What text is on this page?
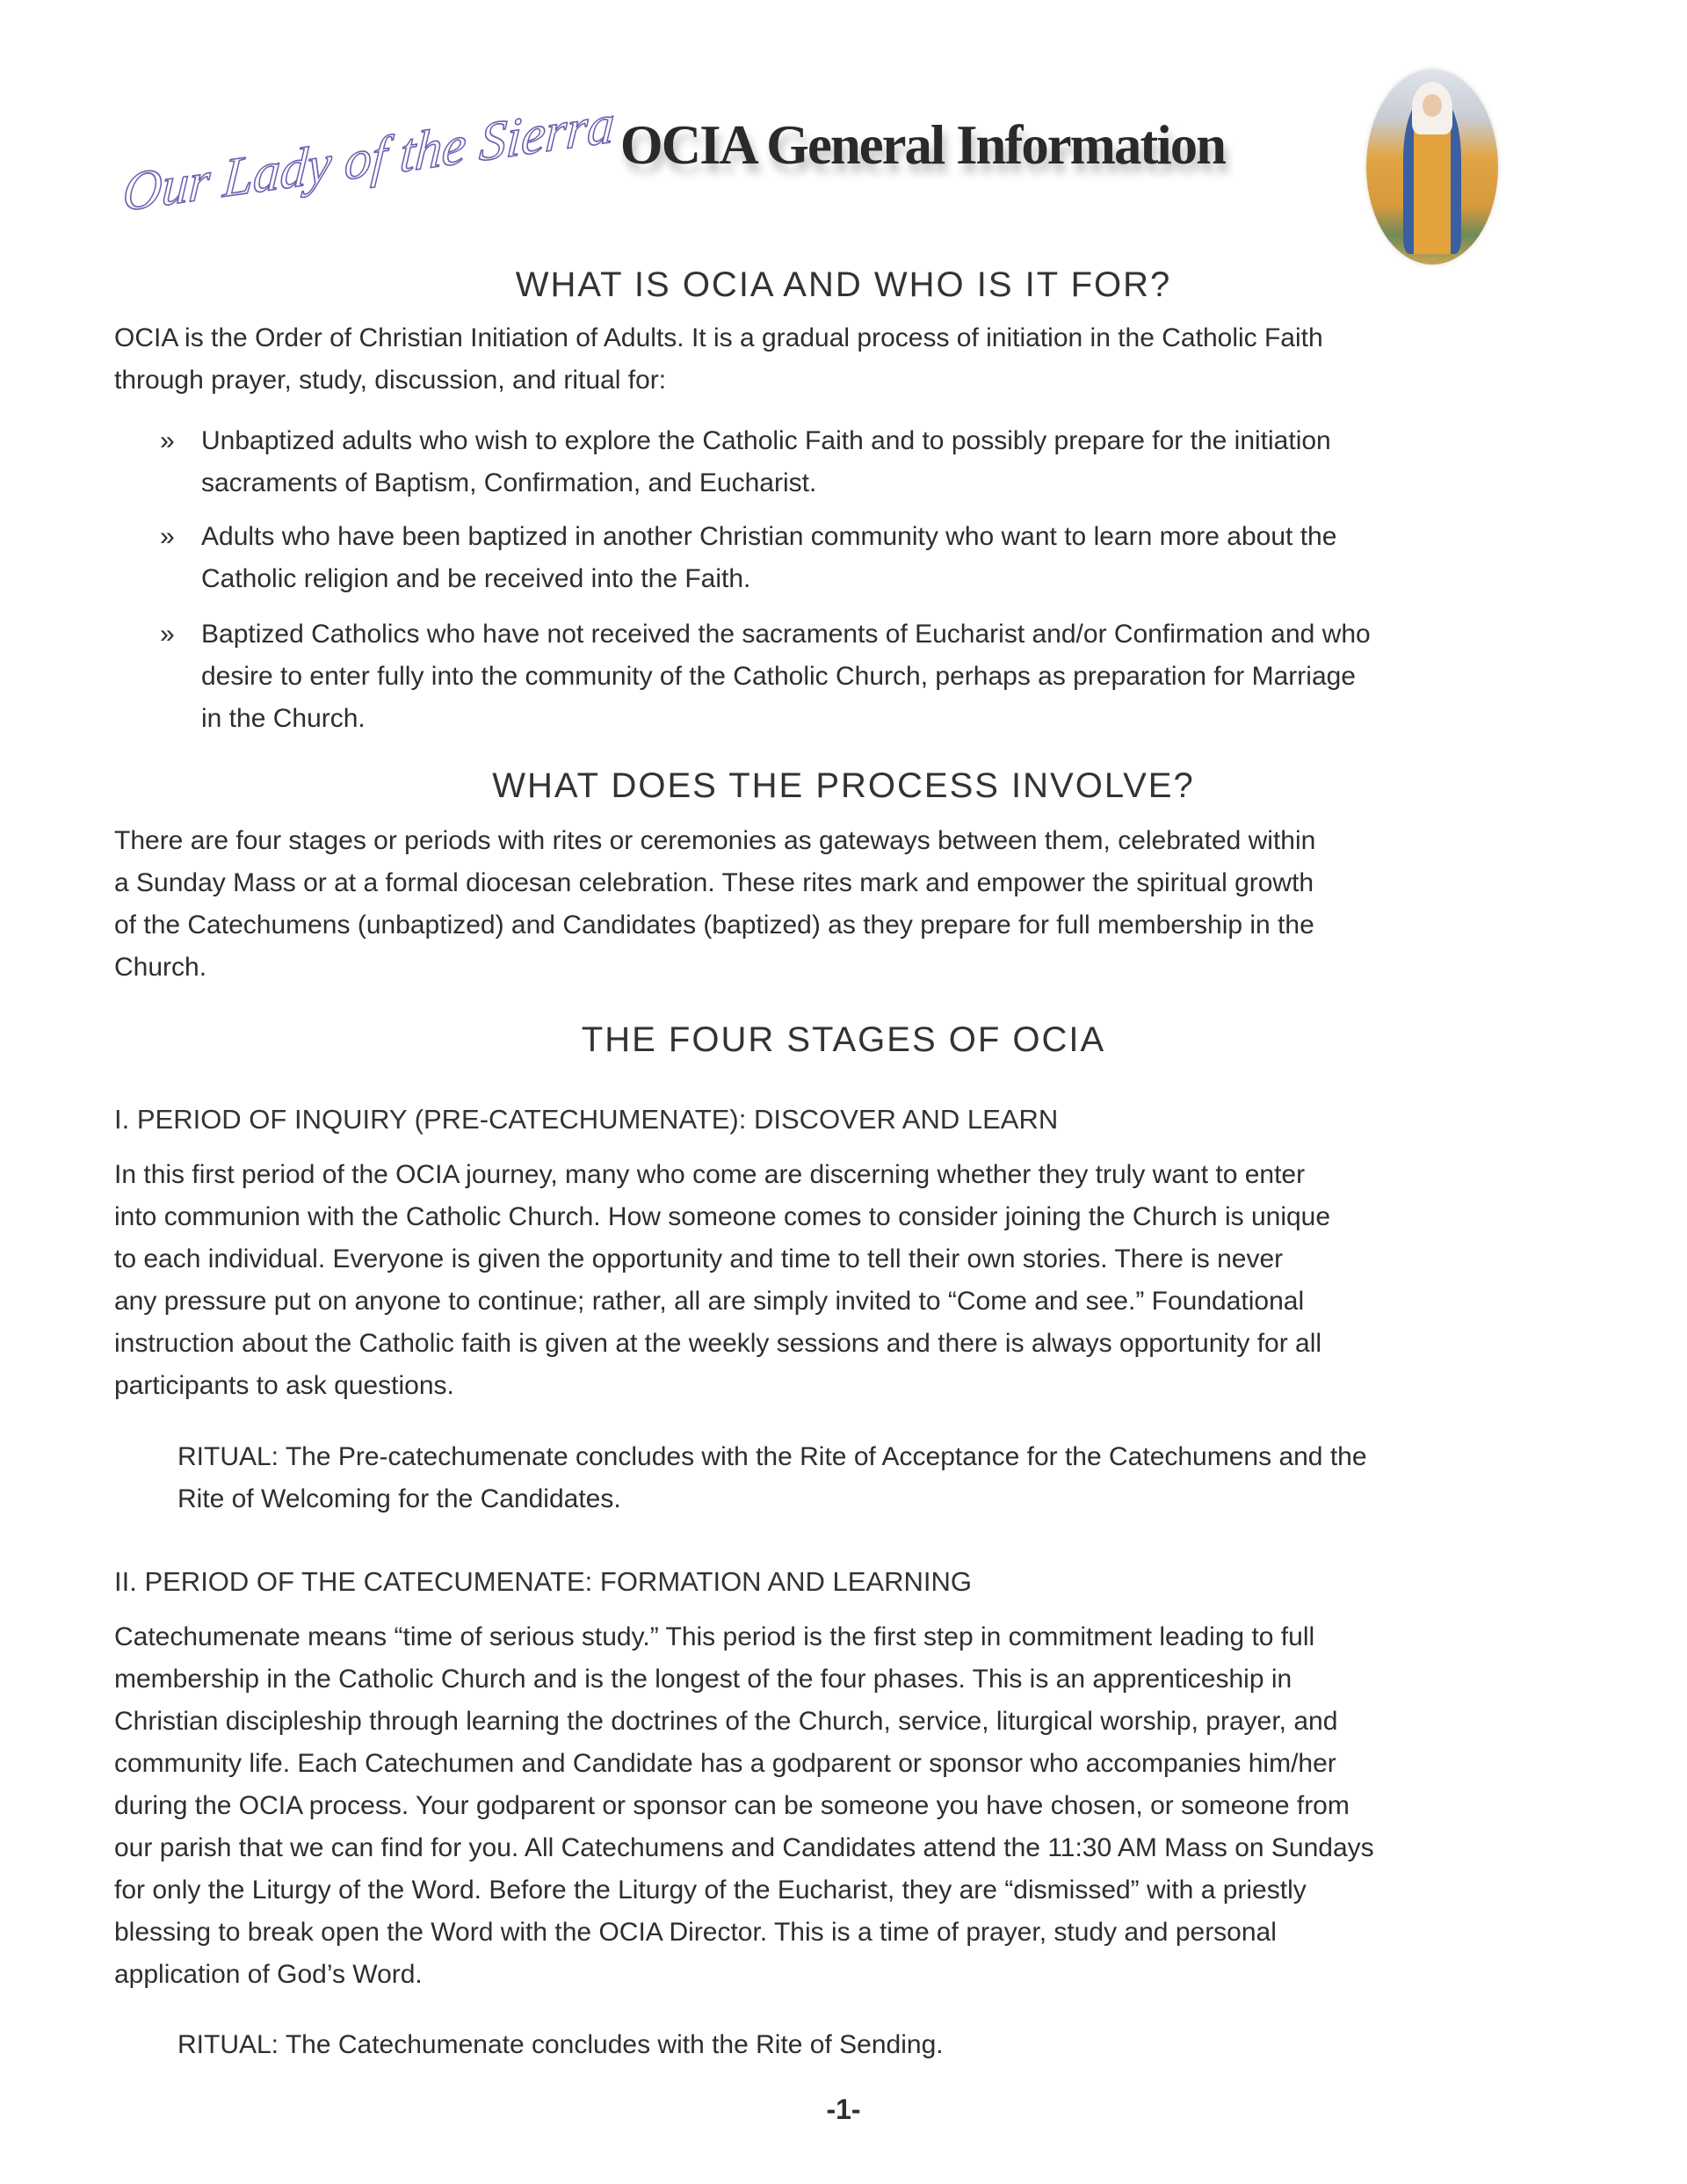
Our Lady of the Sierra OCIA General Information
WHAT IS OCIA AND WHO IS IT FOR?
OCIA is the Order of Christian Initiation of Adults. It is a gradual process of initiation in the Catholic Faith
through prayer, study, discussion, and ritual for:
» Unbaptized adults who wish to explore the Catholic Faith and to possibly prepare for the initiation
sacraments of Baptism, Confirmation, and Eucharist.
» Adults who have been baptized in another Christian community who want to learn more about the
Catholic religion and be received into the Faith.
» Baptized Catholics who have not received the sacraments of Eucharist and/or Confirmation and who
desire to enter fully into the community of the Catholic Church, perhaps as preparation for Marriage
in the Church.
WHAT DOES THE PROCESS INVOLVE?
There are four stages or periods with rites or ceremonies as gateways between them, celebrated within
a Sunday Mass or at a formal diocesan celebration. These rites mark and empower the spiritual growth
of the Catechumens (unbaptized) and Candidates (baptized) as they prepare for full membership in the
Church.
THE FOUR STAGES OF OCIA
I. PERIOD OF INQUIRY (PRE-CATECHUMENATE): DISCOVER AND LEARN
In this first period of the OCIA journey, many who come are discerning whether they truly want to enter
into communion with the Catholic Church. How someone comes to consider joining the Church is unique
to each individual. Everyone is given the opportunity and time to tell their own stories. There is never
any pressure put on anyone to continue; rather, all are simply invited to “Come and see.” Foundational
instruction about the Catholic faith is given at the weekly sessions and there is always opportunity for all
participants to ask questions.
RITUAL: The Pre-catechumenate concludes with the Rite of Acceptance for the Catechumens and the
Rite of Welcoming for the Candidates.
II. PERIOD OF THE CATECUMENATE: FORMATION AND LEARNING
Catechumenate means “time of serious study.” This period is the first step in commitment leading to full
membership in the Catholic Church and is the longest of the four phases. This is an apprenticeship in
Christian discipleship through learning the doctrines of the Church, service, liturgical worship, prayer, and
community life. Each Catechumen and Candidate has a godparent or sponsor who accompanies him/her
during the OCIA process. Your godparent or sponsor can be someone you have chosen, or someone from
our parish that we can find for you. All Catechumens and Candidates attend the 11:30 AM Mass on Sundays
for only the Liturgy of the Word. Before the Liturgy of the Eucharist, they are “dismissed” with a priestly
blessing to break open the Word with the OCIA Director. This is a time of prayer, study and personal
application of God’s Word.
RITUAL: The Catechumenate concludes with the Rite of Sending.
-1-
